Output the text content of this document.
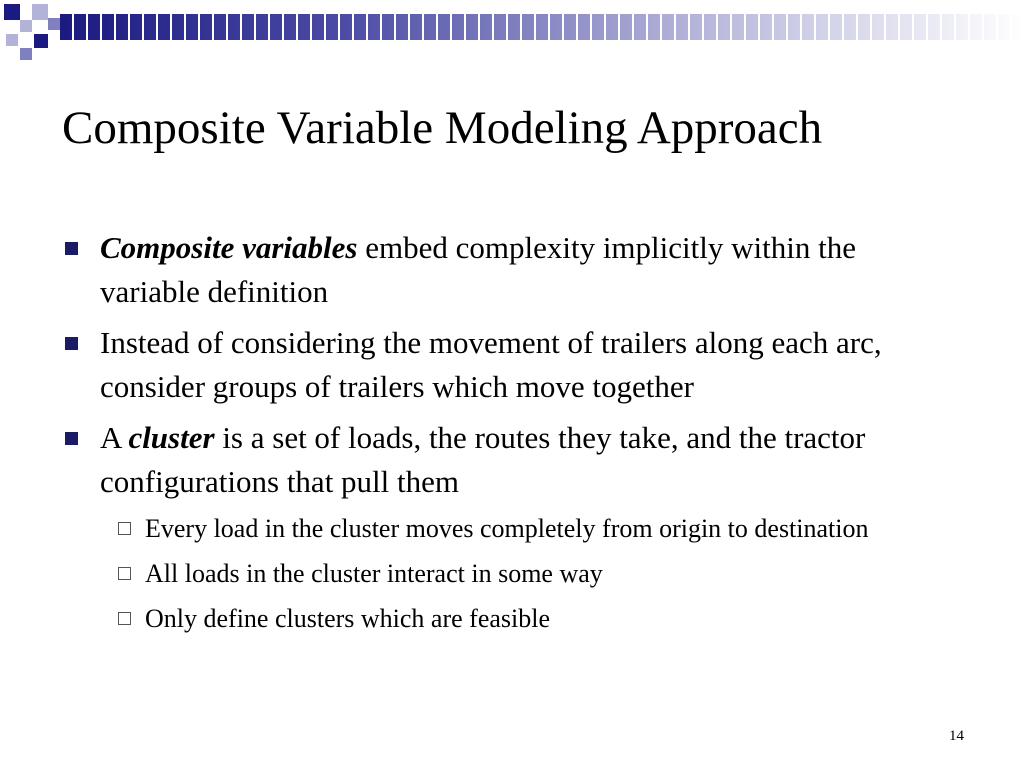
Composite Variable Modeling Approach
Composite variables embed complexity implicitly within the variable definition
Instead of considering the movement of trailers along each arc, consider groups of trailers which move together
A cluster is a set of loads, the routes they take, and the tractor configurations that pull them
Every load in the cluster moves completely from origin to destination
All loads in the cluster interact in some way
Only define clusters which are feasible
14
